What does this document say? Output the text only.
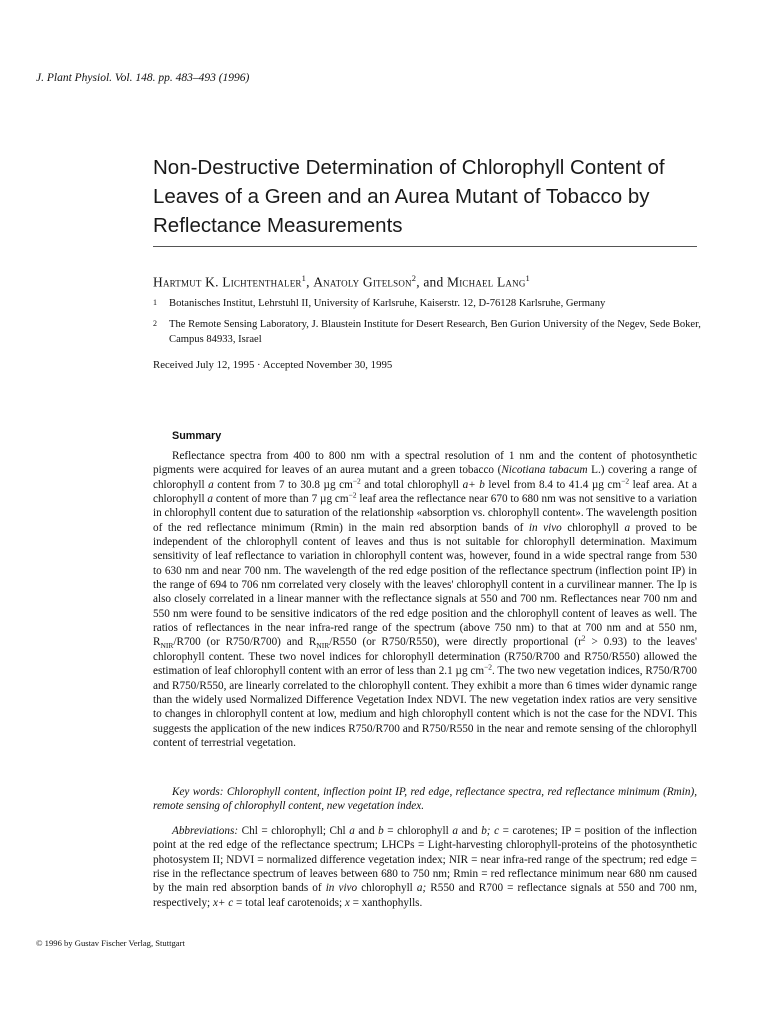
J. Plant Physiol. Vol. 148. pp. 483–493 (1996)
Non-Destructive Determination of Chlorophyll Content of Leaves of a Green and an Aurea Mutant of Tobacco by Reflectance Measurements
Hartmut K. Lichtenthaler$^1$, Anatoly Gitelson$^2$, and Michael Lang$^1$
1	Botanisches Institut, Lehrstuhl II, University of Karlsruhe, Kaiserstr. 12, D-76128 Karlsruhe, Germany
2	The Remote Sensing Laboratory, J. Blaustein Institute for Desert Research, Ben Gurion University of the Negev, Sede Boker, Campus 84933, Israel
Received July 12, 1995 · Accepted November 30, 1995
Summary

Reflectance spectra from 400 to 800 nm with a spectral resolution of 1 nm and the content of photosynthetic pigments were acquired for leaves of an aurea mutant and a green tobacco (Nicotiana tabacum L.) covering a range of chlorophyll a content from 7 to 30.8 µg $cm^{-2}$ and total chlorophyll a+ b level from 8.4 to 41.4 µg $cm^{-2}$ leaf area. At a chlorophyll a content of more than 7 µg $cm^{-2}$ leaf area the reflectance near 670 to 680 nm was not sensitive to a variation in chlorophyll content due to saturation of the relationship «absorption vs. chlorophyll content». The wavelength position of the red reflectance minimum (Rmin) in the main red absorption bands of in vivo chlorophyll a proved to be independent of the chlorophyll content of leaves and thus is not suitable for chlorophyll determination. Maximum sensitivity of leaf reflectance to variation in chlorophyll content was, however, found in a wide spectral range from 530 to 630 nm and near 700 nm. The wavelength of the red edge position of the reflectance spectrum (inflection point IP) in the range of 694 to 706 nm correlated very closely with the leaves' chlorophyll content in a curvilinear manner. The Ip is also closely correlated in a linear manner with the reflectance signals at 550 and 700 nm. Reflectances near 700 nm and 550 nm were found to be sensitive indicators of the red edge position and the chlorophyll content of leaves as well. The ratios of reflectances in the near infra-red range of the spectrum (above 750 nm) to that at 700 nm and at 550 nm, $R_{NIR}/R700$ (or R750/R700) and $R_{NIR}/R550$ (or R750/R550), were directly proportional $(r^2 > 0.93)$ to the leaves' chlorophyll content. These two novel indices for chlorophyll determination (R750/R700 and R750/R550) allowed the estimation of leaf chlorophyll content with an error of less than 2.1 µg $cm^{-2}$. The two new vegetation indices, R750/R700 and R750/R550, are linearly correlated to the chlorophyll content. They exhibit a more than 6 times wider dynamic range than the widely used Normalized Difference Vegetation Index NDVI. The new vegetation index ratios are very sensitive to changes in chlorophyll content at low, medium and high chlorophyll content which is not the case for the NDVI. This suggests the application of the new indices R750/R700 and R750/R550 in the near and remote sensing of the chlorophyll content of terrestrial vegetation.

Key words: Chlorophyll content, inflection point IP, red edge, reflectance spectra, red reflectance minimum (Rmin), remote sensing of chlorophyll content, new vegetation index.

Abbreviations: Chl = chlorophyll; Chl a and b = chlorophyll a and b; c = carotenes; IP = position of the inflection point at the red edge of the reflectance spectrum; LHCPs = Light-harvesting chlorophyll-proteins of the photosynthetic photosystem II; NDVI = normalized difference vegetation index; NIR = near infra-red range of the spectrum; red edge = rise in the reflectance spectrum of leaves between 680 to 750 nm; Rmin = red reflectance minimum near 680 nm caused by the main red absorption bands of in vivo chlorophyll a; R550 and R700 = reflectance signals at 550 and 700 nm, respectively; x+ c = total leaf carotenoids; x = xanthophylls.

© 1996 by Gustav Fischer Verlag, Stuttgart
